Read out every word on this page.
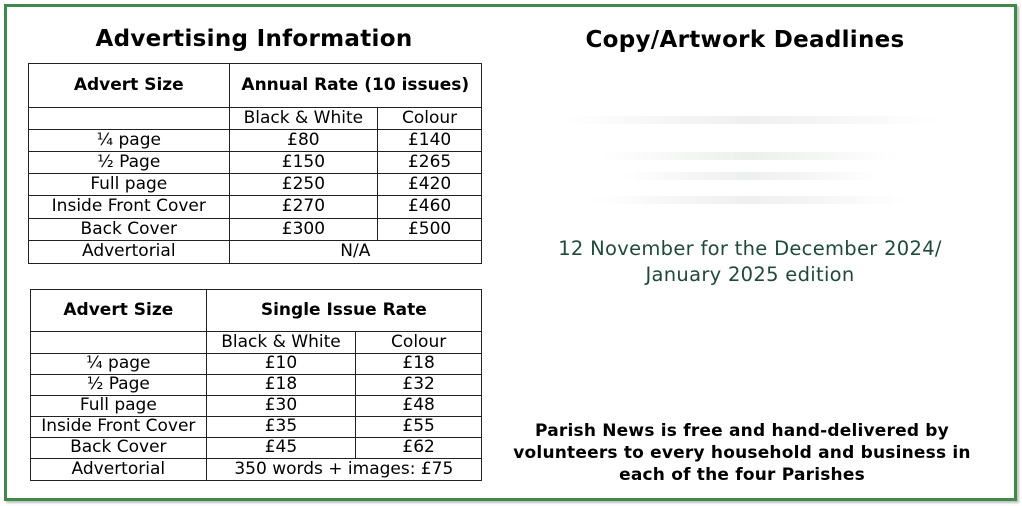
Advertising Information	Copy/Artwork Deadlines
Advert Size	Annual Rate (10 issues)	
	Black & White	Colour
¼ page	£80	£140
½ Page	£150	£265
Full page	£250	£420
Inside Front Cover	£270	£460
Back Cover	£300	£500
Advertorial	N/A	
Advert Size	Single Issue Rate	
	Black & White	Colour
¼ page	£10	£18
½ Page	£18	£32
Full page	£30	£48
Inside Front Cover	£35	£55
Back Cover	£45	£62
Advertorial	350 words + images: £75	
12 November for the December 2024/
January 2025 edition
Parish News is free and hand-delivered by
volunteers to every household and business in
each of the four Parishes
